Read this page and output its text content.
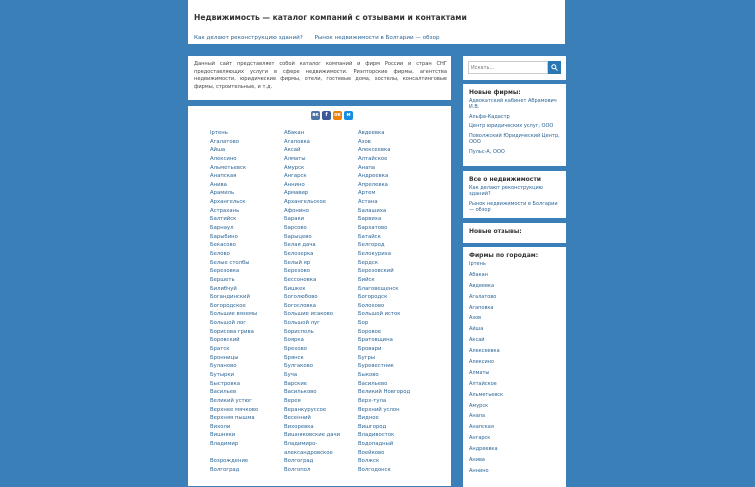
Недвижимость — каталог компаний с отзывами и контактами
Как делают реконструкцию зданий? Рынок недвижимости в Болгарии — обзор
Данный сайт представляет собой каталог компаний и фирм России и стран СНГ предоставляющих услуги в сфере недвижимости. Риэлторские фирмы, агентства недвижимости, юридические фирмы, отели, гостевые дома, хостелы, консалтинговые фирмы, строительные, и т.д.
вк	f	ок	м
Іртень
Агалатово
Айша
Алексино
Альметьевск
Анапская
Анива
Арамиль
Архангельск
Астрахань
Балтийск
Барнаул
Барыбино
Бекасово
Белово
Белые столбы
Березовка
Бершеть
Билибчуй
Богандинский
Богородское
Большие вяземы
Большой лог
Борисова грива
Боровский
Братск
Бронницы
Буланово
Бутырки
Быстровка
Васильев
Великий устюг
Верхнее мячково
Верхняя пышма
Вихоли
Вишняки
Владимир
Возрождение
Волгоград
Абакан
Агаповка
Аксай
Алматы
Амурск
Ангарск
Аннино
Армавир
Архангельское
Афонино
Бараки
Барсово
Барыцево
Белая дача
Белозерка
Белый яр
Березово
Бессоновка
Бишкек
Боголюбово
Богословка
Большие исаково
Большой луг
Борисполь
Боярка
Брехово
Брянск
Булгаково
Буча
Варские
Васильково
Верея
Веранкуруссое
Весенний
Вихоревка
Вишняковские дачи
Владимиро-
александровское
Волгоград
Волгопол
Авдеевка
Азов
Алексеевка
Алтайское
Анапа
Андреевка
Апрелевка
Артем
Астана
Балашиха
Барвиха
Бархатово
Батайск
Белгород
Белокуриха
Бердск
Березовский
Бийск
Благовещенск
Богородск
Болохово
Большой исток
Бор
Боровое
Братовщина
Бровари
Бугры
Буревестник
Быково
Васильево
Великий Новгород
Верх-тула
Верхний услон
Видное
Вишгород
Владивосток
Водопадный
Воейково
Волжск
Волгодонск
Искать…
Новые фирмы:
Адвокатский кабинет Абрамович И.В.
Альфа-Кадастр
Центр юридических услуг, ООО
Поволжский Юридический Центр, ООО
Пульс-А, ООО
Все о недвижимости
Как делают реконструкцию зданий?
Рынок недвижимости в Болгарии — обзор
Новые отзывы:
Фирмы по городам:
Іртень
Абакан
Авдеевка
Агалатово
Агаповка
Азов
Айша
Аксай
Алексеевка
Алексино
Алматы
Алтайское
Альметьевск
Амурск
Анапа
Анапская
Ангарск
Андреевка
Анива
Аннино
